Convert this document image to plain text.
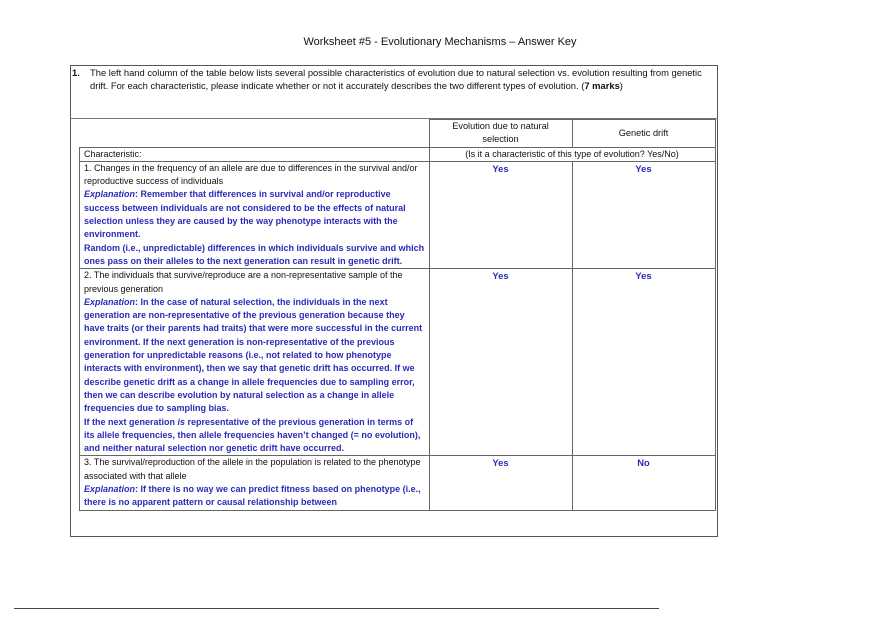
Worksheet #5 - Evolutionary Mechanisms – Answer Key
1. The left hand column of the table below lists several possible characteristics of evolution due to natural selection vs. evolution resulting from genetic drift. For each characteristic, please indicate whether or not it accurately describes the two different types of evolution. (7 marks)
	Evolution due to natural selection	Genetic drift
Characteristic:	(Is it a characteristic of this type of evolution? Yes/No)	

1. Changes in the frequency of an allele are due to differences in the survival and/or reproductive success of individuals
Explanation: Remember that differences in survival and/or reproductive success between individuals are not considered to be the effects of natural selection unless they are caused by the way phenotype interacts with the environment.
Random (i.e., unpredictable) differences in which individuals survive and which ones pass on their alleles to the next generation can result in genetic drift.	Yes	Yes

2. The individuals that survive/reproduce are a non-representative sample of the previous generation
Explanation: In the case of natural selection, the individuals in the next generation are non-representative of the previous generation because they have traits (or their parents had traits) that were more successful in the current environment. If the next generation is non-representative of the previous generation for unpredictable reasons (i.e., not related to how phenotype interacts with environment), then we say that genetic drift has occurred. If we describe genetic drift as a change in allele frequencies due to sampling error, then we can describe evolution by natural selection as a change in allele frequencies due to sampling bias.
If the next generation is representative of the previous generation in terms of its allele frequencies, then allele frequencies haven’t changed (= no evolution), and neither natural selection nor genetic drift have occurred.	Yes	Yes

3. The survival/reproduction of the allele in the population is related to the phenotype associated with that allele
Explanation: If there is no way we can predict fitness based on phenotype (i.e., there is no apparent pattern or causal relationship between	Yes	No
